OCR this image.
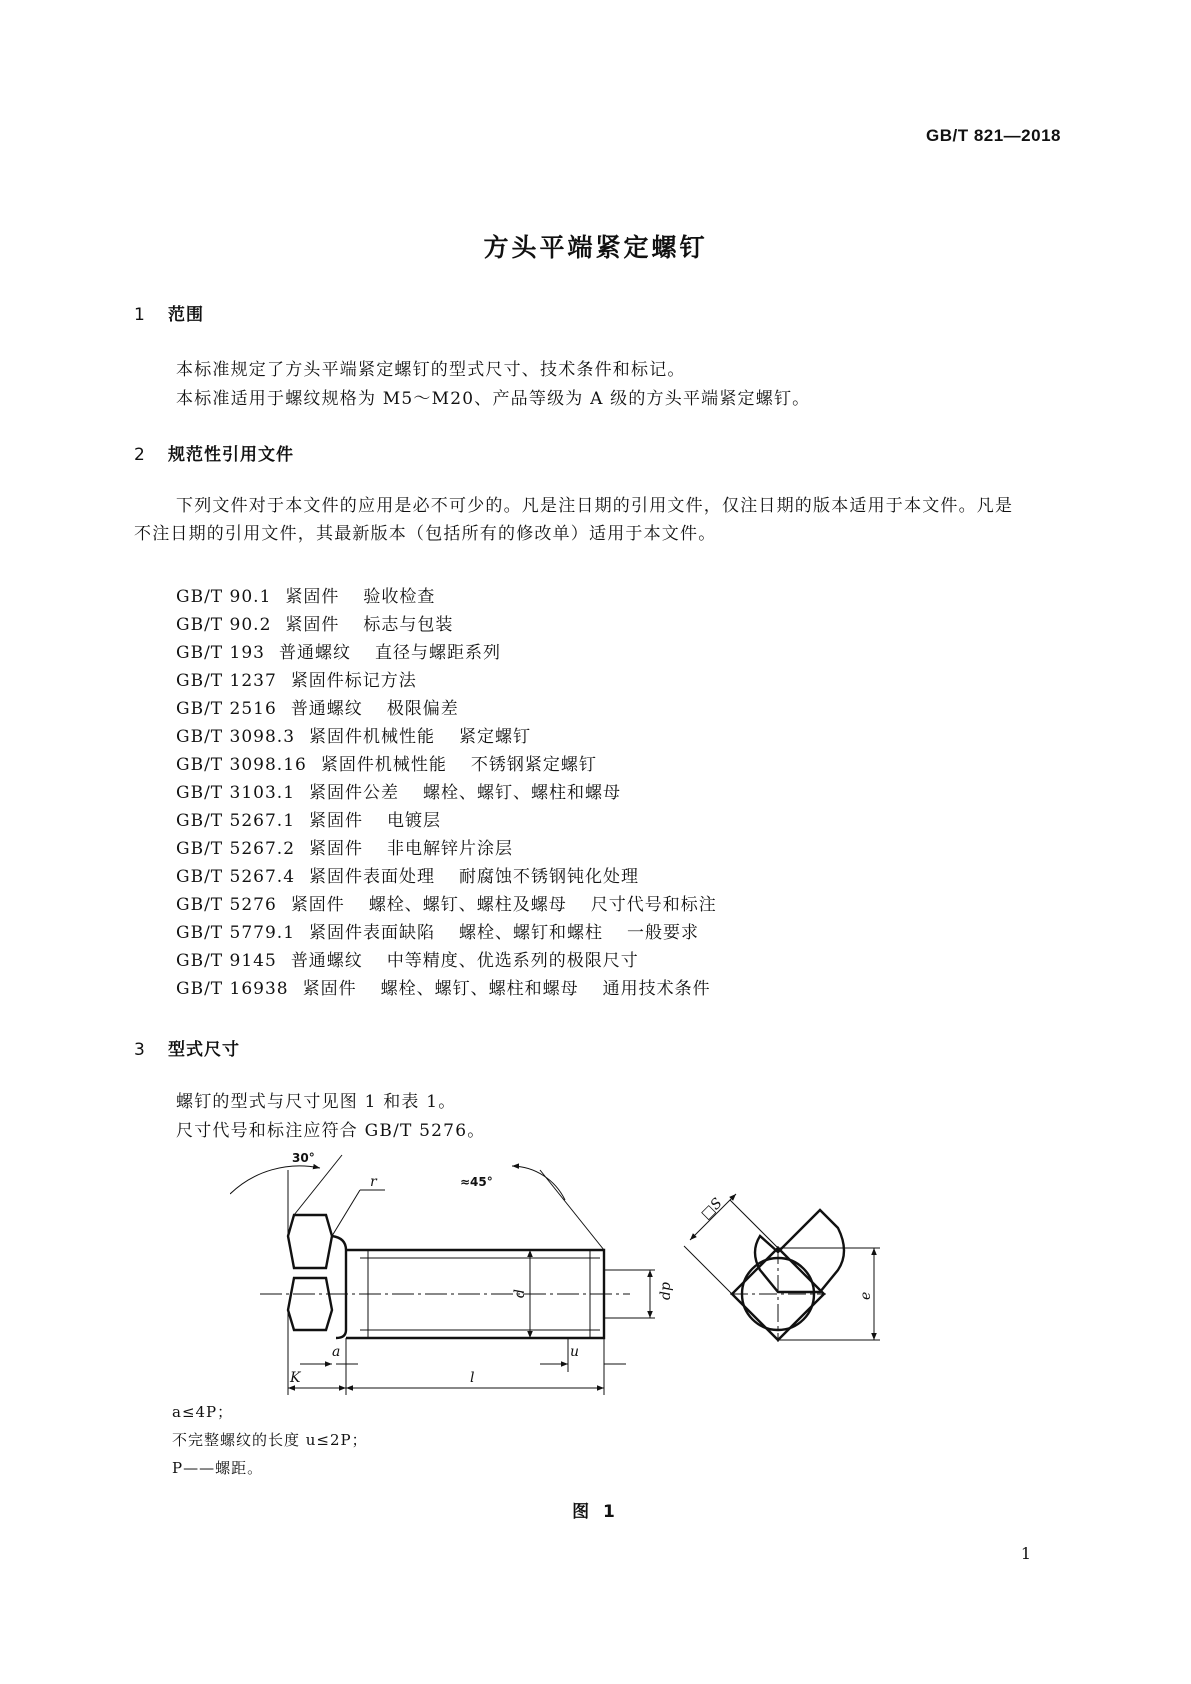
GB/T 821—2018
方头平端紧定螺钉
1 范围
本标准规定了方头平端紧定螺钉的型式尺寸、技术条件和标记。
本标准适用于螺纹规格为 M5～M20、产品等级为 A 级的方头平端紧定螺钉。
2 规范性引用文件
下列文件对于本文件的应用是必不可少的。凡是注日期的引用文件，仅注日期的版本适用于本文件。凡是不注日期的引用文件，其最新版本（包括所有的修改单）适用于本文件。
GB/T 90.1 紧固件 验收检查
GB/T 90.2 紧固件 标志与包装
GB/T 193 普通螺纹 直径与螺距系列
GB/T 1237 紧固件标记方法
GB/T 2516 普通螺纹 极限偏差
GB/T 3098.3 紧固件机械性能 紧定螺钉
GB/T 3098.16 紧固件机械性能 不锈钢紧定螺钉
GB/T 3103.1 紧固件公差 螺栓、螺钉、螺柱和螺母
GB/T 5267.1 紧固件 电镀层
GB/T 5267.2 紧固件 非电解锌片涂层
GB/T 5267.4 紧固件表面处理 耐腐蚀不锈钢钝化处理
GB/T 5276 紧固件 螺栓、螺钉、螺柱及螺母 尺寸代号和标注
GB/T 5779.1 紧固件表面缺陷 螺栓、螺钉和螺柱 一般要求
GB/T 9145 普通螺纹 中等精度、优选系列的极限尺寸
GB/T 16938 紧固件 螺栓、螺钉、螺柱和螺母 通用技术条件
3 型式尺寸
螺钉的型式与尺寸见图 1 和表 1。
尺寸代号和标注应符合 GB/T 5276。
30°
r	≈45°
d	dp
a	u
K	l
□S
e
a≤4P；
不完整螺纹的长度 u≤2P；
P——螺距。
图 1
1
